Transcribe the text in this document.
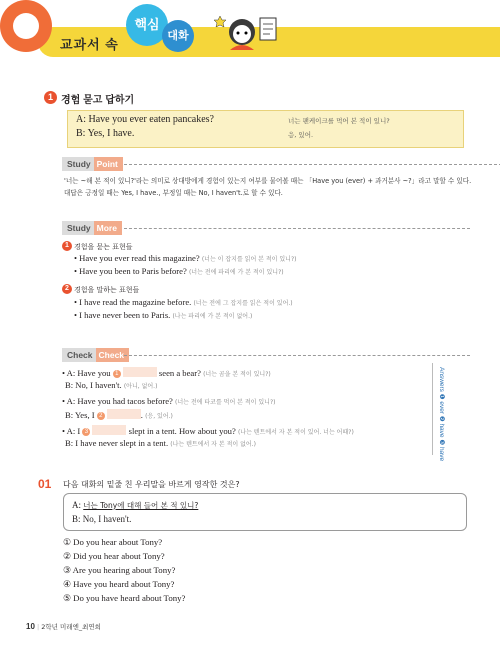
교과서 속
핵심
대화
1 경험 묻고 답하기
A: Have you ever eaten pancakes?	너는 팬케이크를 먹어 본 적이 있니?
B: Yes, I have.	응, 있어.
Study Point
'너는 ~해 본 적이 있니?'라는 의미로 상대방에게 경험이 있는지 여부를 물어볼 때는 「Have you (ever) + 과거분사 ~?」라고 말할 수 있다.
대답은 긍정일 때는 Yes, I have., 부정일 때는 No, I haven't.로 할 수 있다.
Study More
1 경험을 묻는 표현들
• Have you ever read this magazine? (너는 이 잡지를 읽어 본 적이 있니?)
• Have you been to Paris before? (너는 전에 파리에 가 본 적이 있니?)
2 경험을 말하는 표현들
• I have read the magazine before. (너는 전에 그 잡지를 읽은 적이 있어.)
• I have never been to Paris. (나는 파리에 가 본 적이 없어.)
Check Check
• A: Have you 1	seen a bear? (너는 곰을 본 적이 있니?)
B: No, I haven't. (아니, 없어.)
• A: Have you had tacos before? (너는 전에 타코를 먹어 본 적이 있니?)
B: Yes, I 2	. (응, 있어.)
• A: I 3	slept in a tent. How about you? (나는 텐트에서 자 본 적이 있어. 너는 어때?)
B: I have never slept in a tent. (나는 텐트에서 자 본 적이 없어.)	Answers ❶ ever ❷ have ❸ have
01 다음 대화의 밑줄 친 우리말을 바르게 영작한 것은?
A: 너는 Tony에 대해 들어 본 적 있니?
B: No, I haven't.
① Do you hear about Tony?
② Did you hear about Tony?
③ Are you hearing about Tony?
④ Have you heard about Tony?
⑤ Do you have heard about Tony?
10 | 2학년 미래엔_최연희
